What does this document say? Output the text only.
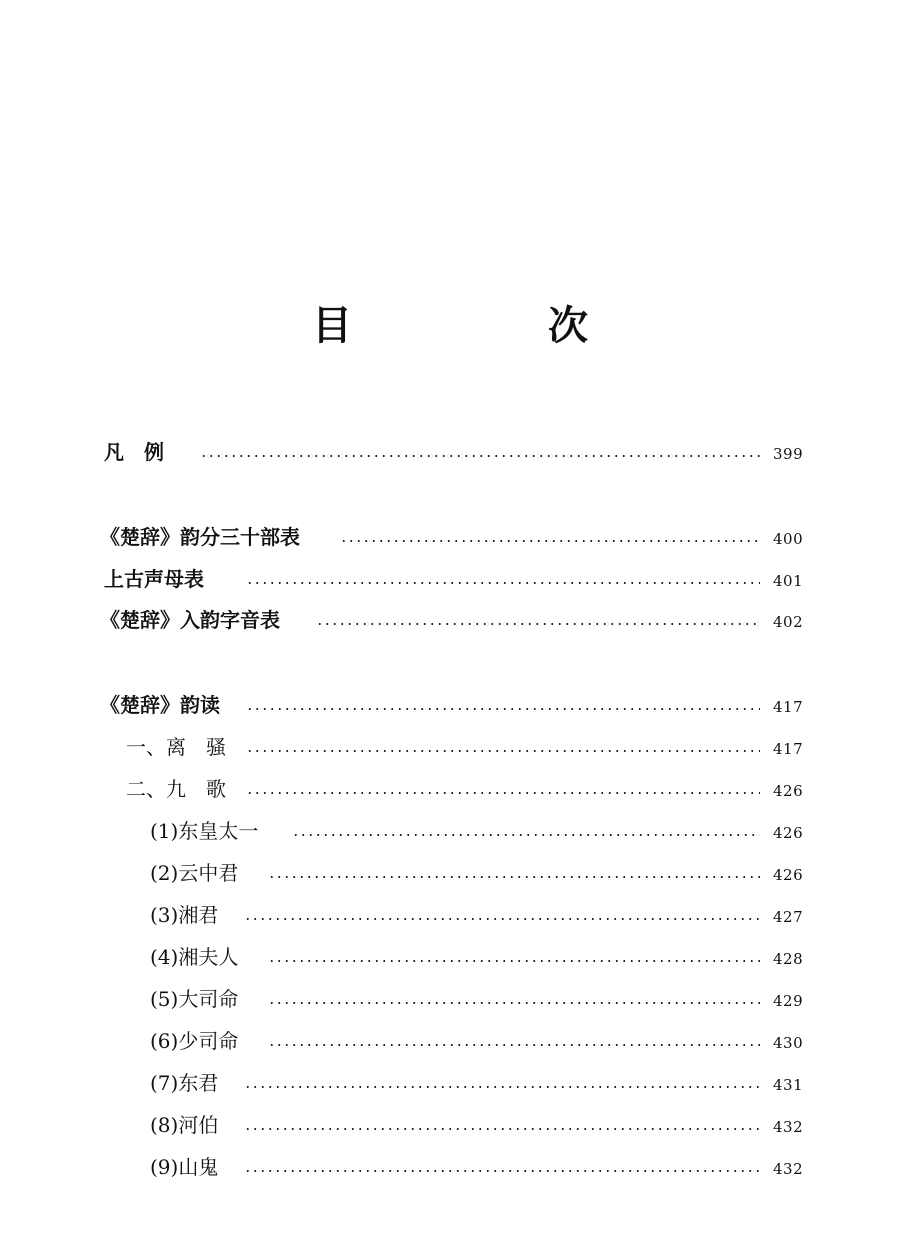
目　次
凡　例	399
《楚辞》韵分三十部表	400
上古声母表	401
《楚辞》入韵字音表	402
《楚辞》韵读	417
一、离　骚	417
二、九　歌	426
(1)东皇太一	426
(2)云中君	426
(3)湘君	427
(4)湘夫人	428
(5)大司命	429
(6)少司命	430
(7)东君	431
(8)河伯	432
(9)山鬼	432
